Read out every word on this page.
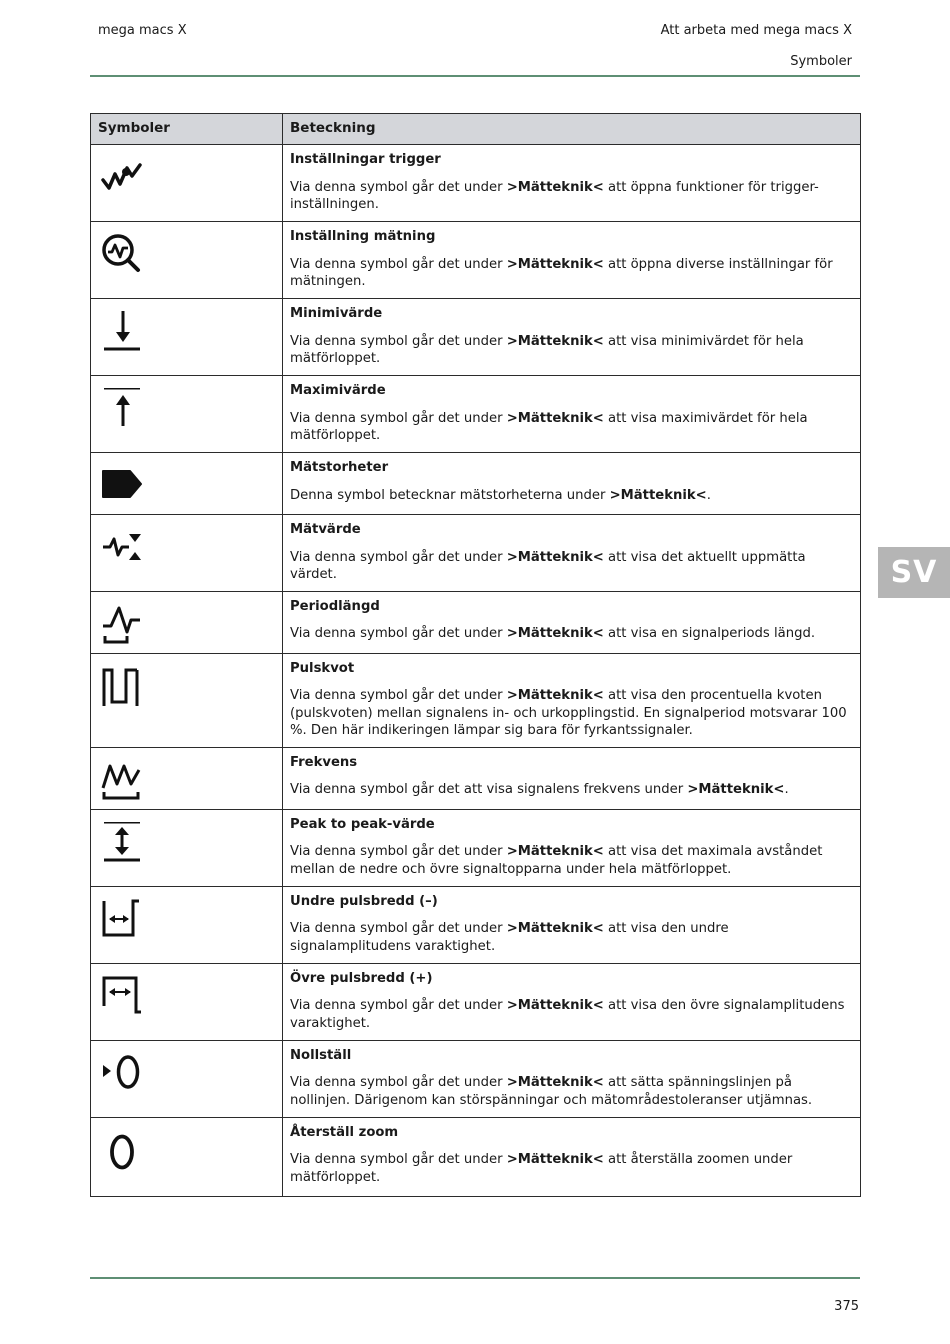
mega macs X	Att arbeta med mega macs X
Symboler
SV
Symboler	Beteckning

Inställningar trigger
Via denna symbol går det under >Mätteknik< att öppna funktioner för trigger-inställningen.

Inställning mätning
Via denna symbol går det under >Mätteknik< att öppna diverse inställningar för mätningen.

Minimivärde
Via denna symbol går det under >Mätteknik< att visa minimivärdet för hela mätförloppet.

Maximivärde
Via denna symbol går det under >Mätteknik< att visa maximivärdet för hela mätförloppet.

Mätstorheter
Denna symbol betecknar mätstorheterna under >Mätteknik<.

Mätvärde
Via denna symbol går det under >Mätteknik< att visa det aktuellt uppmätta värdet.

Periodlängd
Via denna symbol går det under >Mätteknik< att visa en signalperiods längd.

Pulskvot
Via denna symbol går det under >Mätteknik< att visa den procentuella kvoten (pulskvoten) mellan signalens in- och urkopplingstid. En signalperiod motsvarar 100 %. Den här indikeringen lämpar sig bara för fyrkantssignaler.

Frekvens
Via denna symbol går det att visa signalens frekvens under >Mätteknik<.

Peak to peak-värde
Via denna symbol går det under >Mätteknik< att visa det maximala avståndet mellan de nedre och övre signaltopparna under hela mätförloppet.

Undre pulsbredd (–)
Via denna symbol går det under >Mätteknik< att visa den undre signalamplitudens varaktighet.

Övre pulsbredd (+)
Via denna symbol går det under >Mätteknik< att visa den övre signalamplitudens varaktighet.

Nollställ
Via denna symbol går det under >Mätteknik< att sätta spänningslinjen på nollinjen. Därigenom kan störspänningar och mätområdestoleranser utjämnas.

Återställ zoom
Via denna symbol går det under >Mätteknik< att återställa zoomen under mätförloppet.
375
